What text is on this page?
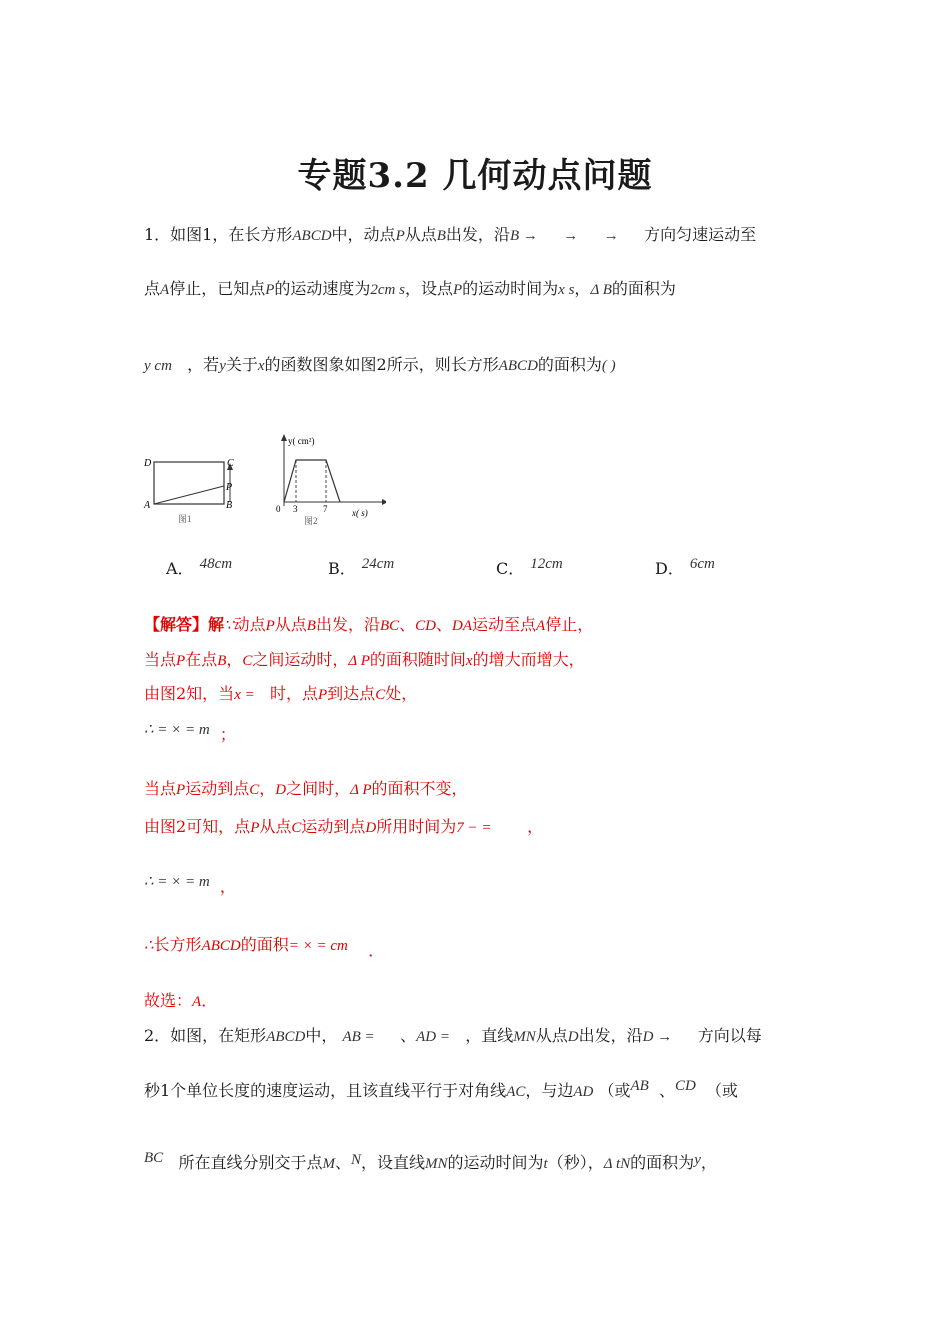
专题3.2 几何动点问题
1．如图1，在长方形ABCD中，动点P从点B出发，沿B → → → 方向匀速运动至
点A停止，已知点P的运动速度为2cm s，设点P的运动时间为x s，Δ B的面积为
y cm ，若y关于x的函数图象如图2所示，则长方形ABCD的面积为( )
D	C
A	B
P
图1
y( cm²)
x( s)
0 3	7
图2
A． 48cm	B． 24cm	C． 12cm	D． 6cm
【解答】解∵动点P从点B出发，沿BC、CD、DA运动至点A停止，
当点P在点B，C之间运动时，Δ P的面积随时间x的增大而增大，
由图2知，当x = 时，点P到达点C处，
∴ = × = m ；
当点P运动到点C，D之间时，Δ P的面积不变，
由图2可知，点P从点C运动到点D所用时间为7 − = ，
∴ = × = m ，
∴长方形ABCD的面积= × = cm ．
故选：A．
2．如图，在矩形ABCD中， AB = 、AD = ，直线MN从点D出发，沿D → 方向以每
秒1个单位长度的速度运动，且该直线平行于对角线AC，与边AD （或AB 、CD （或
BC 所在直线分别交于点M、N，设直线MN的运动时间为t（秒），Δ tN的面积为y，
